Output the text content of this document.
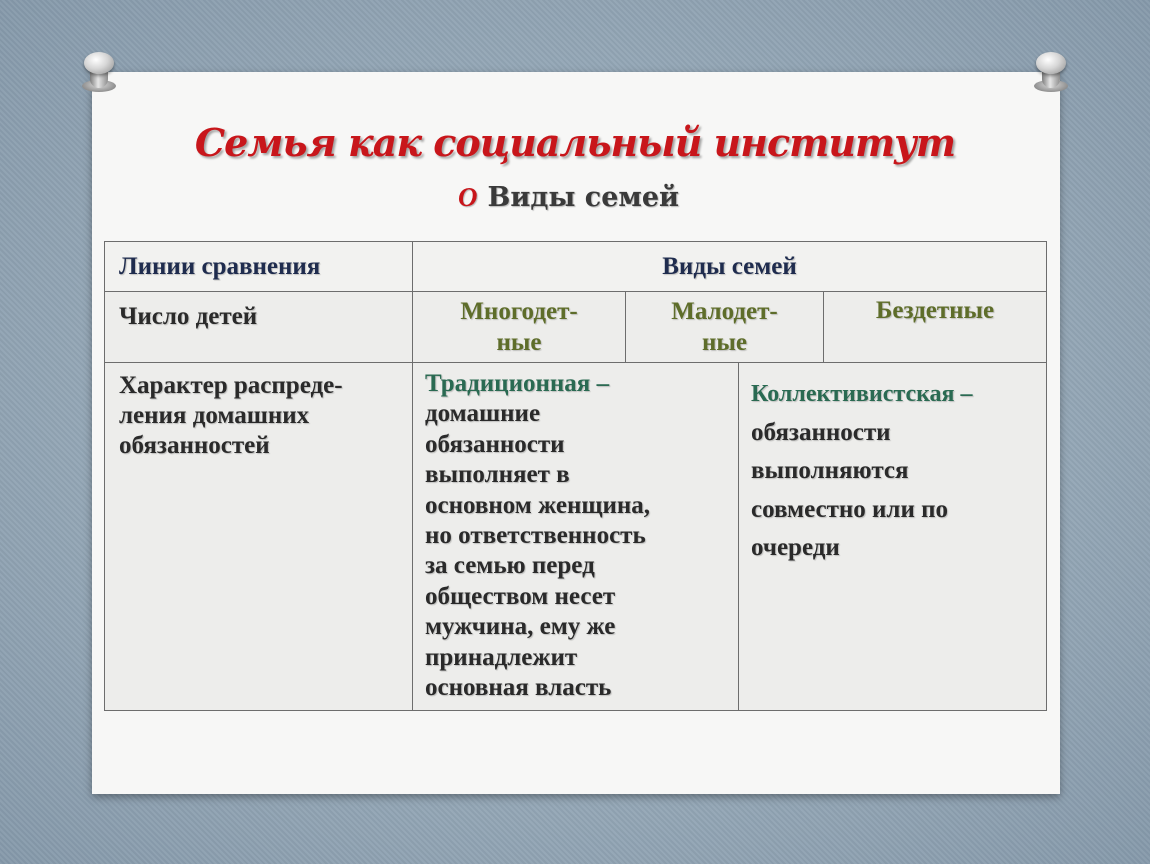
Семья как социальный институт
О Виды семей
Линии сравнения	Виды семей
Число детей	Многодет-
ные
Малодет-
ные
Бездетные
Характер распреде-
ления домашних
обязанностей
Традиционная –
домашние
обязанности
выполняет в
основном женщина,
но ответственность
за семью перед
обществом несет
мужчина, ему же
принадлежит
основная власть
Коллективистская –
обязанности
выполняются
совместно или по
очереди
